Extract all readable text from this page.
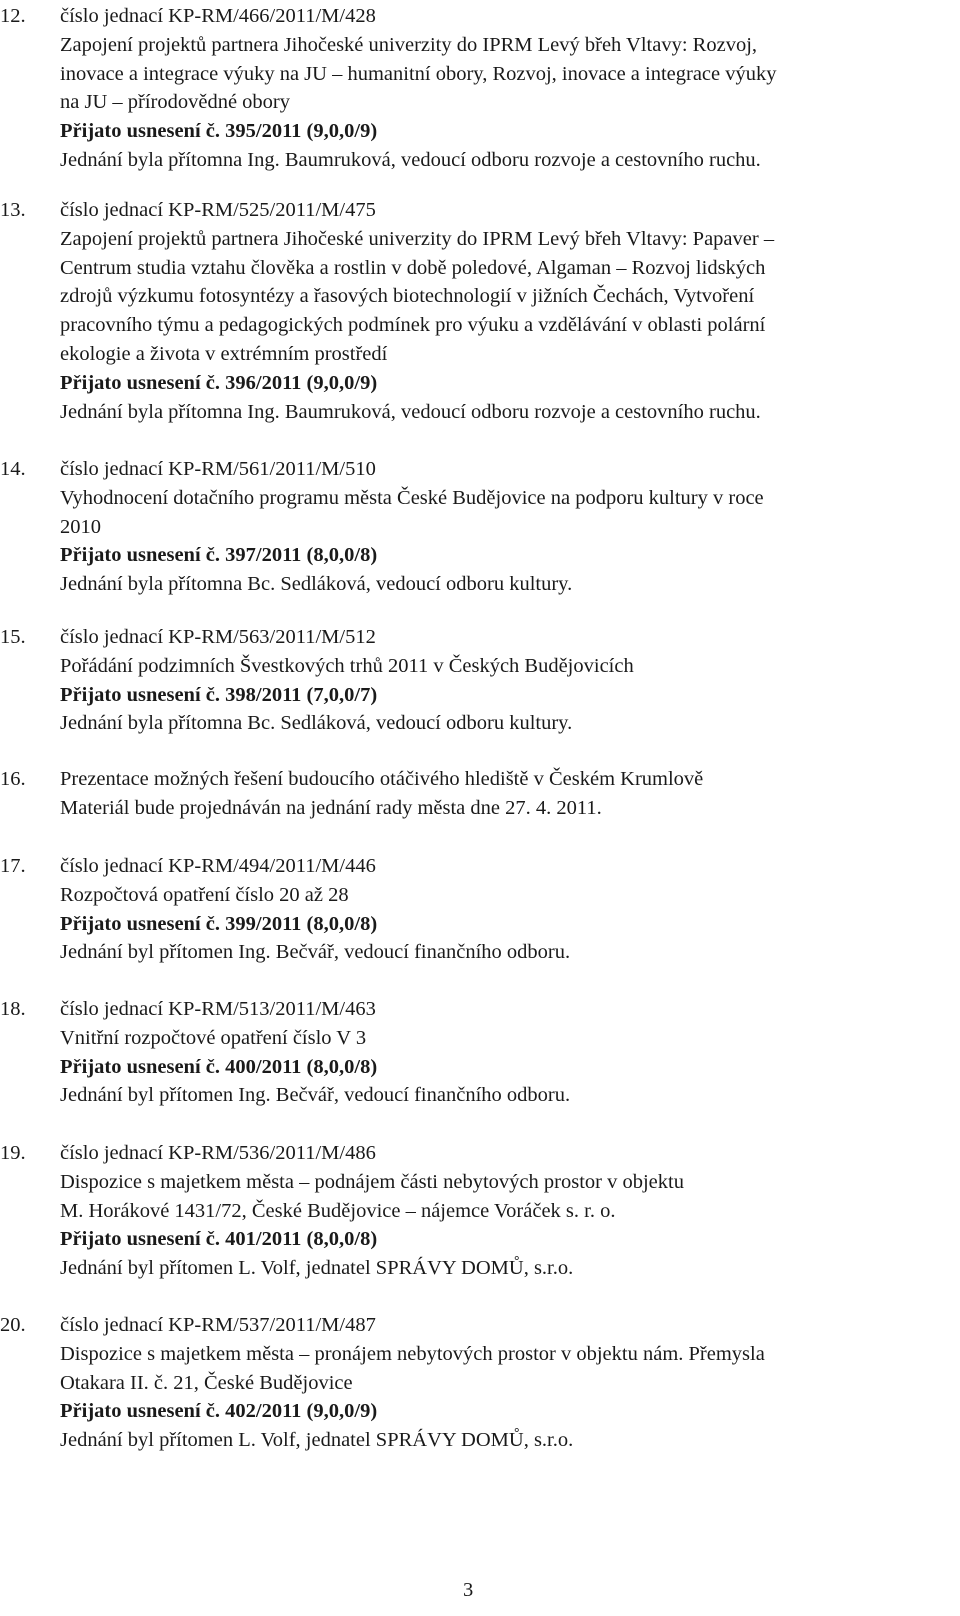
12.	číslo jednací KP-RM/466/2011/M/428
Zapojení projektů partnera Jihočeské univerzity do IPRM Levý břeh Vltavy: Rozvoj,
inovace a integrace výuky na JU – humanitní obory, Rozvoj, inovace a integrace výuky
na JU – přírodovědné obory
Přijato usnesení č. 395/2011 (9,0,0/9)
Jednání byla přítomna Ing. Baumruková, vedoucí odboru rozvoje a cestovního ruchu.
13.	číslo jednací KP-RM/525/2011/M/475
Zapojení projektů partnera Jihočeské univerzity do IPRM Levý břeh Vltavy: Papaver –
Centrum studia vztahu člověka a rostlin v době poledové, Algaman – Rozvoj lidských
zdrojů výzkumu fotosyntézy a řasových biotechnologií v jižních Čechách, Vytvoření
pracovního týmu a pedagogických podmínek pro výuku a vzdělávání v oblasti polární
ekologie a života v extrémním prostředí
Přijato usnesení č. 396/2011 (9,0,0/9)
Jednání byla přítomna Ing. Baumruková, vedoucí odboru rozvoje a cestovního ruchu.
14.	číslo jednací KP-RM/561/2011/M/510
Vyhodnocení dotačního programu města České Budějovice na podporu kultury v roce
2010
Přijato usnesení č. 397/2011 (8,0,0/8)
Jednání byla přítomna Bc. Sedláková, vedoucí odboru kultury.
15.	číslo jednací KP-RM/563/2011/M/512
Pořádání podzimních Švestkových trhů 2011 v Českých Budějovicích
Přijato usnesení č. 398/2011 (7,0,0/7)
Jednání byla přítomna Bc. Sedláková, vedoucí odboru kultury.
16.	Prezentace možných řešení budoucího otáčivého hlediště v Českém Krumlově
Materiál bude projednáván na jednání rady města dne 27. 4. 2011.
17.	číslo jednací KP-RM/494/2011/M/446
Rozpočtová opatření číslo 20 až 28
Přijato usnesení č. 399/2011 (8,0,0/8)
Jednání byl přítomen Ing. Bečvář, vedoucí finančního odboru.
18.	číslo jednací KP-RM/513/2011/M/463
Vnitřní rozpočtové opatření číslo V 3
Přijato usnesení č. 400/2011 (8,0,0/8)
Jednání byl přítomen Ing. Bečvář, vedoucí finančního odboru.
19.	číslo jednací KP-RM/536/2011/M/486
Dispozice s majetkem města – podnájem části nebytových prostor v objektu
M. Horákové 1431/72, České Budějovice – nájemce Voráček s. r. o.
Přijato usnesení č. 401/2011 (8,0,0/8)
Jednání byl přítomen L. Volf, jednatel SPRÁVY DOMŮ, s.r.o.
20.	číslo jednací KP-RM/537/2011/M/487
Dispozice s majetkem města – pronájem nebytových prostor v objektu nám. Přemysla
Otakara II. č. 21, České Budějovice
Přijato usnesení č. 402/2011 (9,0,0/9)
Jednání byl přítomen L. Volf, jednatel SPRÁVY DOMŮ, s.r.o.
3
